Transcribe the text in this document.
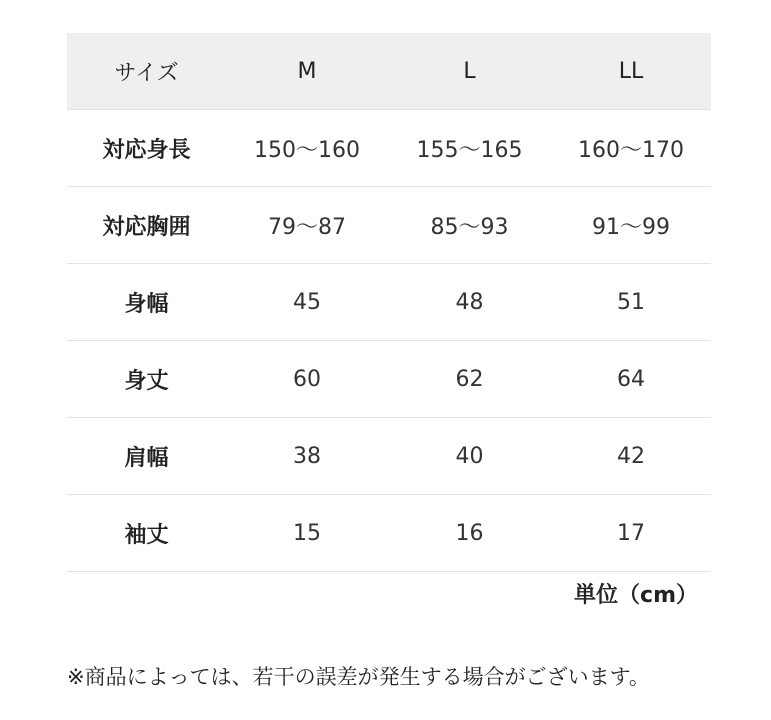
サイズ	M	L	LL
対応身長	150〜160	155〜165	160〜170
対応胸囲	79〜87	85〜93	91〜99
身幅	45	48	51
身丈	60	62	64
肩幅	38	40	42
袖丈	15	16	17
単位（cm）
※商品によっては、若干の誤差が発生する場合がございます。
